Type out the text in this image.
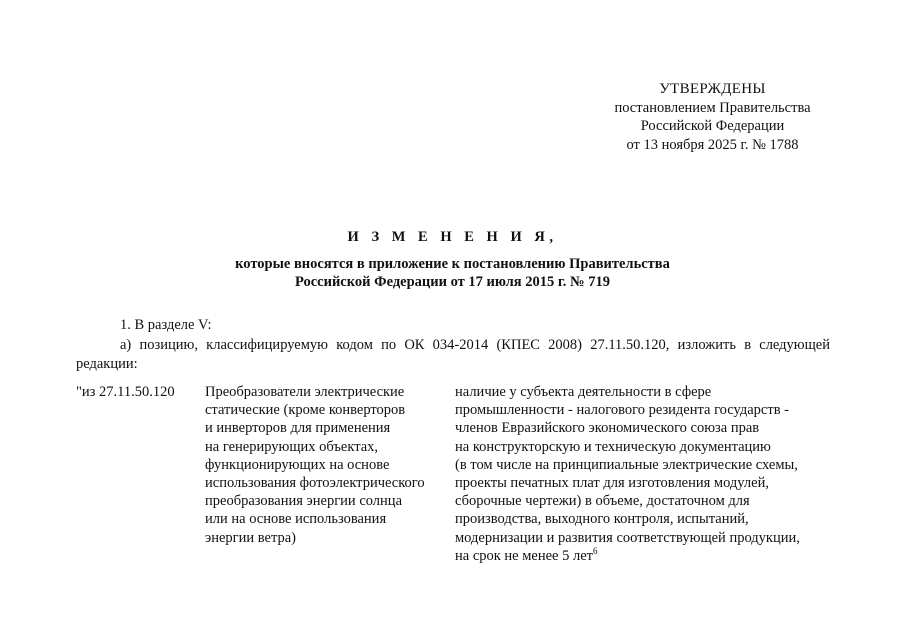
УТВЕРЖДЕНЫ
постановлением Правительства
Российской Федерации
от 13 ноября 2025 г. № 1788
И З М Е Н Е Н И Я,
которые вносятся в приложение к постановлению Правительства
Российской Федерации от 17 июля 2015 г. № 719
1. В разделе V:
а) позицию, классифицируемую кодом по ОК 034-2014 (КПЕС 2008) 27.11.50.120, изложить в следующей редакции:
"из 27.11.50.120 Преобразователи электрические
статические (кроме конверторов
и инверторов для применения
на генерирующих объектах,
функционирующих на основе
использования фотоэлектрического
преобразования энергии солнца
или на основе использования
энергии ветра)
наличие у субъекта деятельности в сфере
промышленности - налогового резидента государств -
членов Евразийского экономического союза прав
на конструкторскую и техническую документацию
(в том числе на принципиальные электрические схемы,
проекты печатных плат для изготовления модулей,
сборочные чертежи) в объеме, достаточном для
производства, выходного контроля, испытаний,
модернизации и развития соответствующей продукции,
на срок не менее 5 лет$^6$
